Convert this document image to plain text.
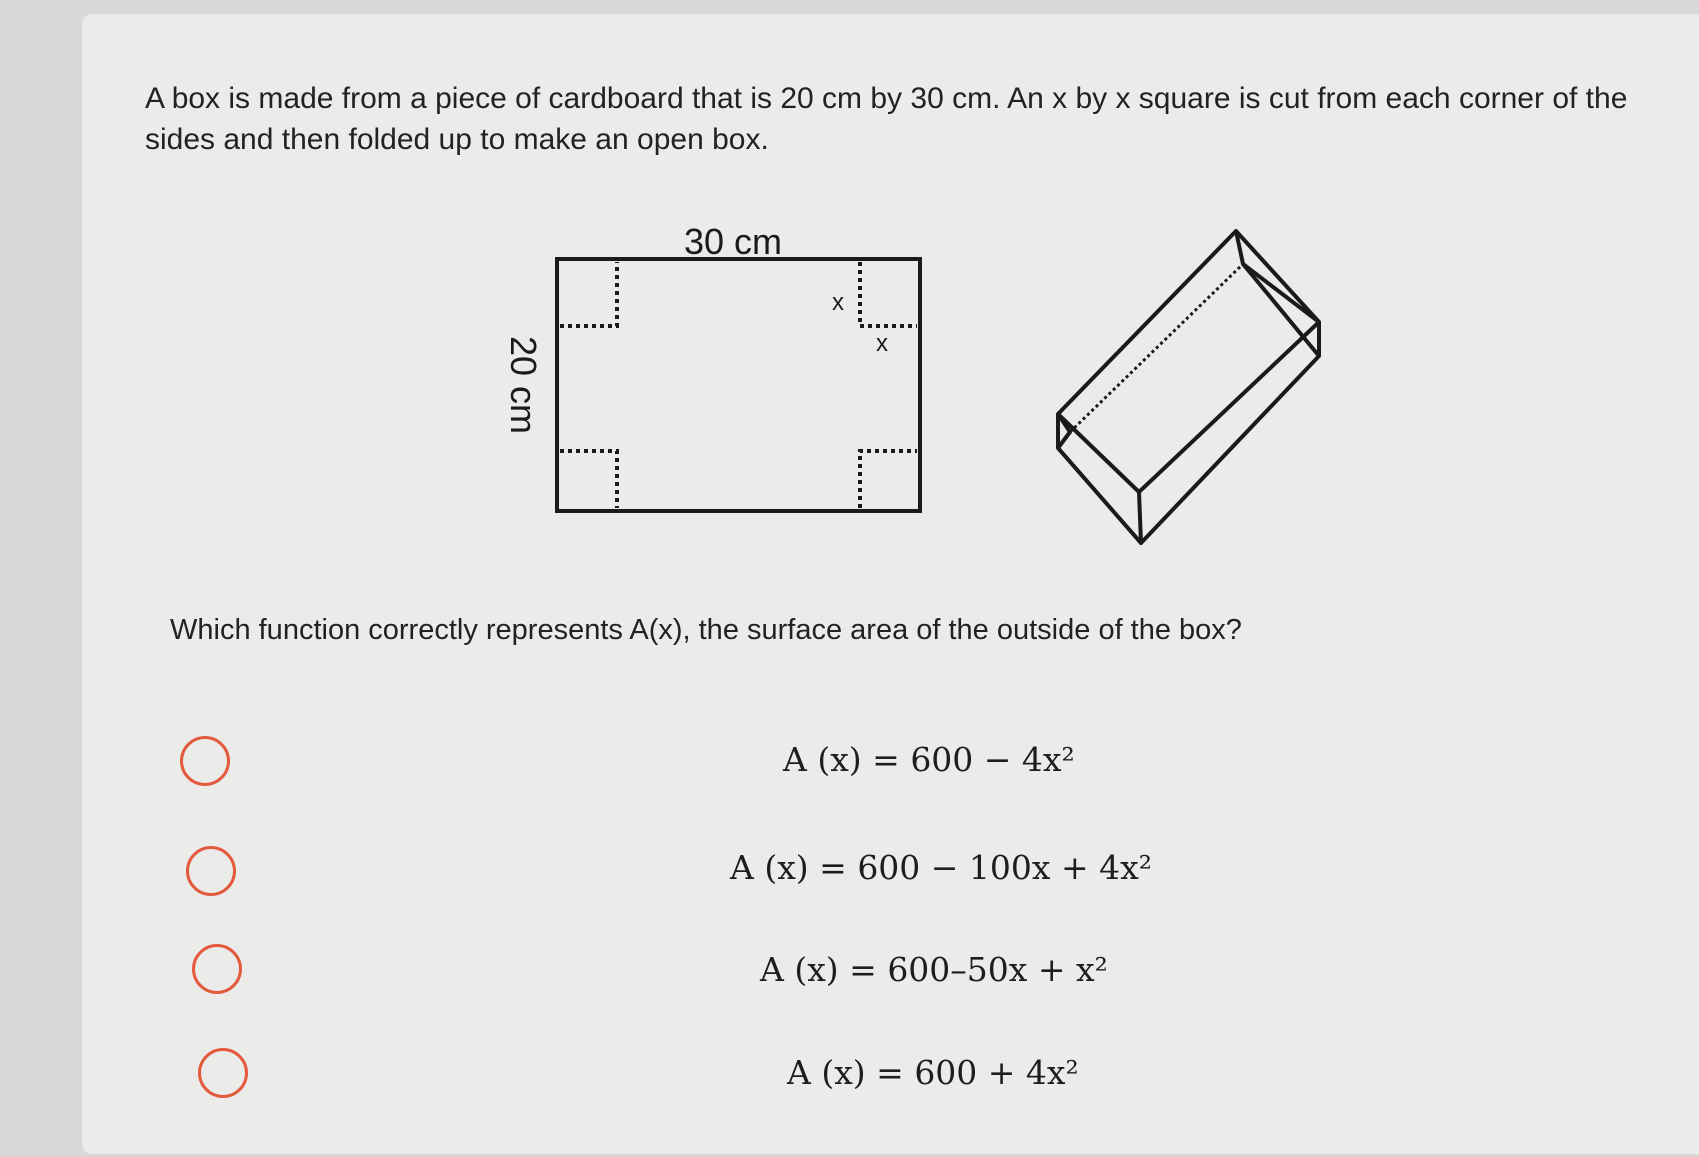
A box is made from a piece of cardboard that is 20 cm by 30 cm. An x by x square is cut from each corner of the sides and then folded up to make an open box.
30 cm
20 cm
x
x
Which function correctly represents A(x), the surface area of the outside of the box?
A (x) = 600 − 4x²
A (x) = 600 − 100x + 4x²
A (x) = 600–50x + x²
A (x) = 600 + 4x²
